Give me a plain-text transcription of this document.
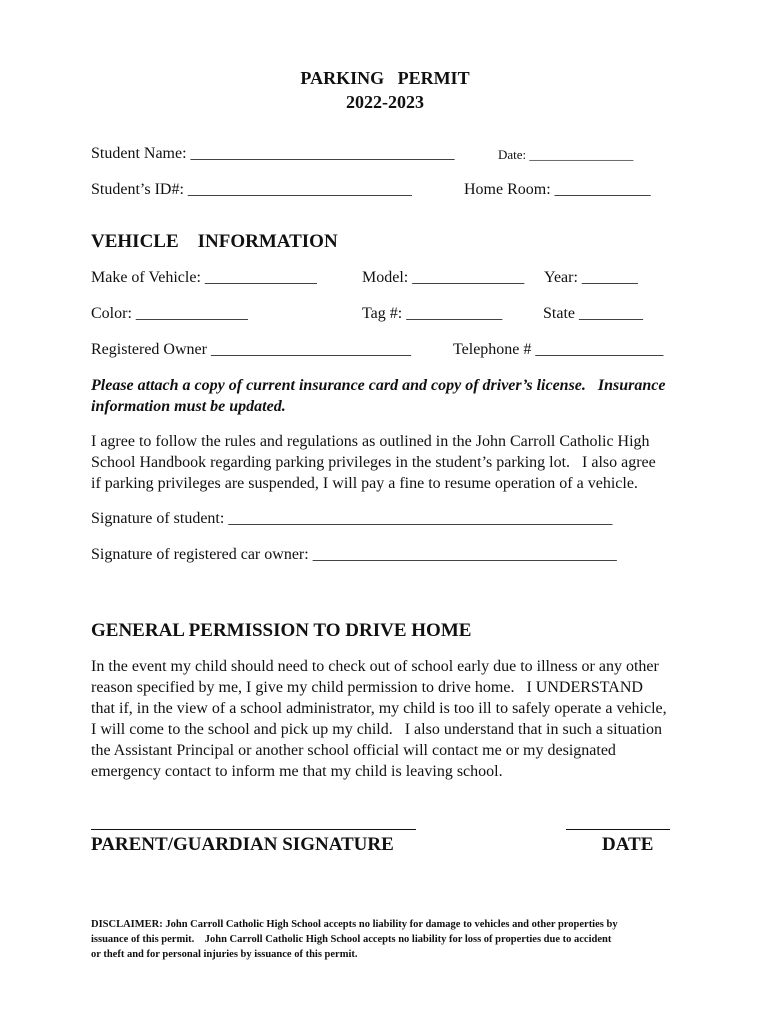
PARKING   PERMIT
2022-2023
Student Name: _________________________________	Date: ________________
Student’s ID#: ____________________________	Home Room: ____________
VEHICLE    INFORMATION
Make of Vehicle: ______________	Model: ______________ Year: _______
Color: ______________	Tag #: ____________	State ________
Registered Owner _________________________	Telephone # ________________
Please attach a copy of current insurance card and copy of driver’s license.   Insurance
information must be updated.
I agree to follow the rules and regulations as outlined in the John Carroll Catholic High
School Handbook regarding parking privileges in the student’s parking lot.   I also agree
if parking privileges are suspended, I will pay a fine to resume operation of a vehicle.
Signature of student: ________________________________________________
Signature of registered car owner: ______________________________________
GENERAL PERMISSION TO DRIVE HOME
In the event my child should need to check out of school early due to illness or any other
reason specified by me, I give my child permission to drive home.   I UNDERSTAND
that if, in the view of a school administrator, my child is too ill to safely operate a vehicle,
I will come to the school and pick up my child.   I also understand that in such a situation
the Assistant Principal or another school official will contact me or my designated
emergency contact to inform me that my child is leaving school.
PARENT/GUARDIAN SIGNATURE	DATE
DISCLAIMER: John Carroll Catholic High School accepts no liability for damage to vehicles and other properties by
issuance of this permit.    John Carroll Catholic High School accepts no liability for loss of properties due to accident
or theft and for personal injuries by issuance of this permit.
